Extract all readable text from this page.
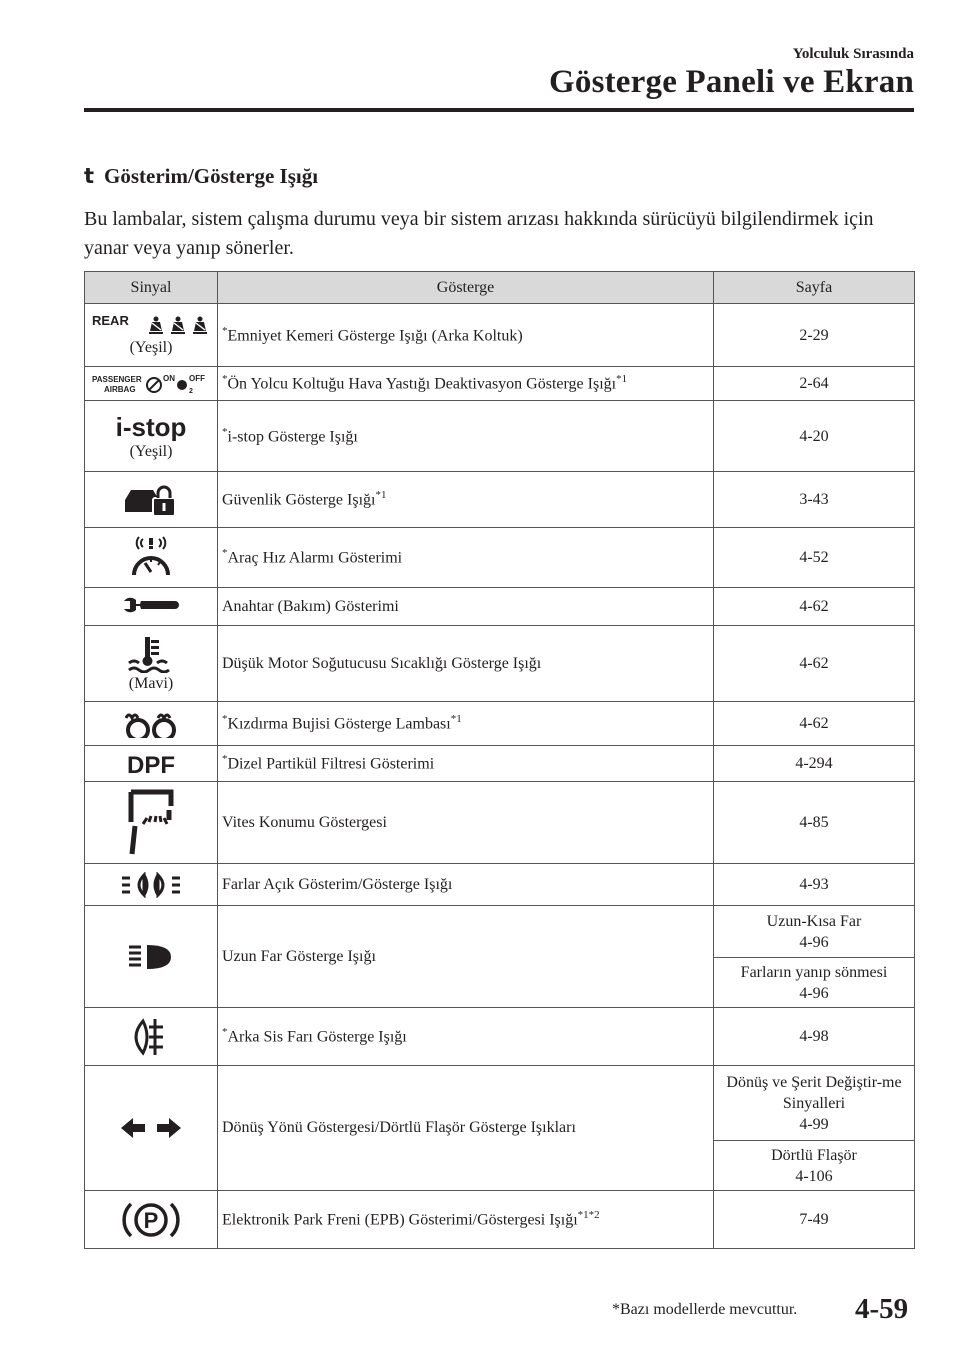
Yolculuk Sırasında
Gösterge Paneli ve Ekran
t Gösterim/Gösterge Işığı
Bu lambalar, sistem çalışma durumu veya bir sistem arızası hakkında sürücüyü bilgilendirmek için yanar veya yanıp sönerler.
Sinyal	Gösterge	Sayfa

REAR
(Yeşil)	*Emniyet Kemeri Gösterge Işığı (Arka Koltuk)	2-29

PASSENGER
AIRBAG
ON OFF
2	*Ön Yolcu Koltuğu Hava Yastığı Deaktivasyon Gösterge Işığı$^{*1}$	2-64

i-stop
(Yeşil)	*i-stop Gösterge Işığı	4-20

	Güvenlik Gösterge Işığı$^{*1}$	3-43

	*Araç Hız Alarmı Gösterimi	4-52

	Anahtar (Bakım) Gösterimi	4-62

(Mavi)	Düşük Motor Soğutucusu Sıcaklığı Gösterge Işığı	4-62

	*Kızdırma Bujisi Gösterge Lambası$^{*1}$	4-62

DPF	*Dizel Partikül Filtresi Gösterimi	4-294

	Vites Konumu Göstergesi	4-85

	Farlar Açık Gösterim/Gösterge Işığı	4-93

	Uzun Far Gösterge Işığı	Uzun-Kısa Far
4-96
		Farların yanıp sönmesi
4-96

	*Arka Sis Farı Gösterge Işığı	4-98

	Dönüş Yönü Göstergesi/Dörtlü Flaşör Gösterge Işıkları	Dönüş ve Şerit Değiştir-me Sinyalleri
4-99
		Dörtlü Flaşör
4-106

P	Elektronik Park Freni (EPB) Gösterimi/Göstergesi Işığı$^{*1*2}$	7-49
*Bazı modellerde mevcuttur. 4-59
